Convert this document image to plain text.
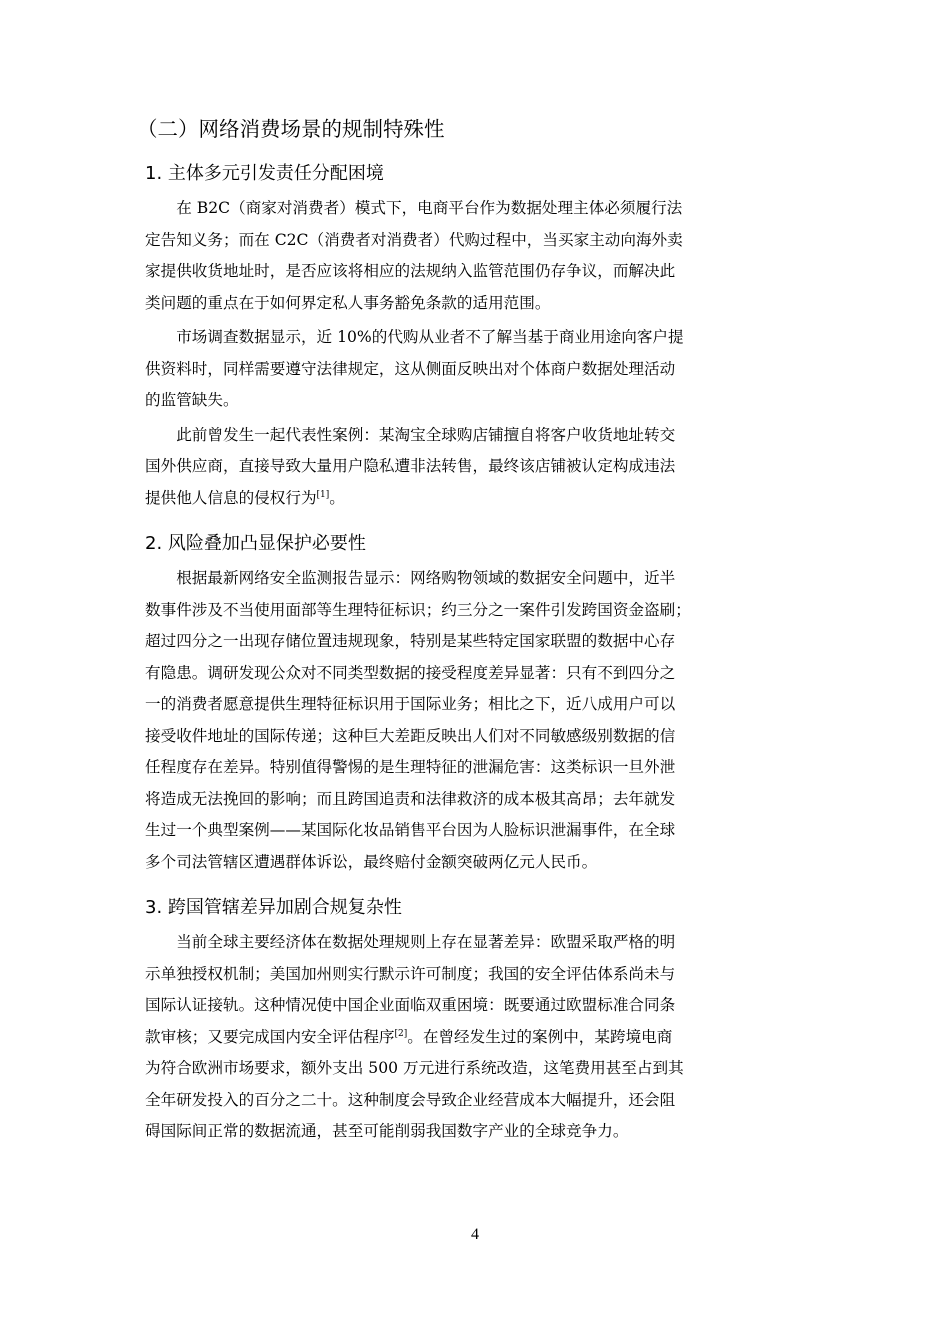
（二）网络消费场景的规制特殊性
1. 主体多元引发责任分配困境
在 B2C（商家对消费者）模式下，电商平台作为数据处理主体必须履行法
定告知义务；而在 C2C（消费者对消费者）代购过程中，当买家主动向海外卖
家提供收货地址时，是否应该将相应的法规纳入监管范围仍存争议，而解决此
类问题的重点在于如何界定私人事务豁免条款的适用范围。
市场调查数据显示，近 10%的代购从业者不了解当基于商业用途向客户提
供资料时，同样需要遵守法律规定，这从侧面反映出对个体商户数据处理活动
的监管缺失。
此前曾发生一起代表性案例：某淘宝全球购店铺擅自将客户收货地址转交
国外供应商，直接导致大量用户隐私遭非法转售，最终该店铺被认定构成违法
提供他人信息的侵权行为[1]。
2. 风险叠加凸显保护必要性
根据最新网络安全监测报告显示：网络购物领域的数据安全问题中，近半
数事件涉及不当使用面部等生理特征标识；约三分之一案件引发跨国资金盗刷；
超过四分之一出现存储位置违规现象，特别是某些特定国家联盟的数据中心存
有隐患。调研发现公众对不同类型数据的接受程度差异显著：只有不到四分之
一的消费者愿意提供生理特征标识用于国际业务；相比之下，近八成用户可以
接受收件地址的国际传递；这种巨大差距反映出人们对不同敏感级别数据的信
任程度存在差异。特别值得警惕的是生理特征的泄漏危害：这类标识一旦外泄
将造成无法挽回的影响；而且跨国追责和法律救济的成本极其高昂；去年就发
生过一个典型案例——某国际化妆品销售平台因为人脸标识泄漏事件，在全球
多个司法管辖区遭遇群体诉讼，最终赔付金额突破两亿元人民币。
3. 跨国管辖差异加剧合规复杂性
当前全球主要经济体在数据处理规则上存在显著差异：欧盟采取严格的明
示单独授权机制；美国加州则实行默示许可制度；我国的安全评估体系尚未与
国际认证接轨。这种情况使中国企业面临双重困境：既要通过欧盟标准合同条
款审核；又要完成国内安全评估程序[2]。在曾经发生过的案例中，某跨境电商
为符合欧洲市场要求，额外支出 500 万元进行系统改造，这笔费用甚至占到其
全年研发投入的百分之二十。这种制度会导致企业经营成本大幅提升，还会阻
碍国际间正常的数据流通，甚至可能削弱我国数字产业的全球竞争力。
4
